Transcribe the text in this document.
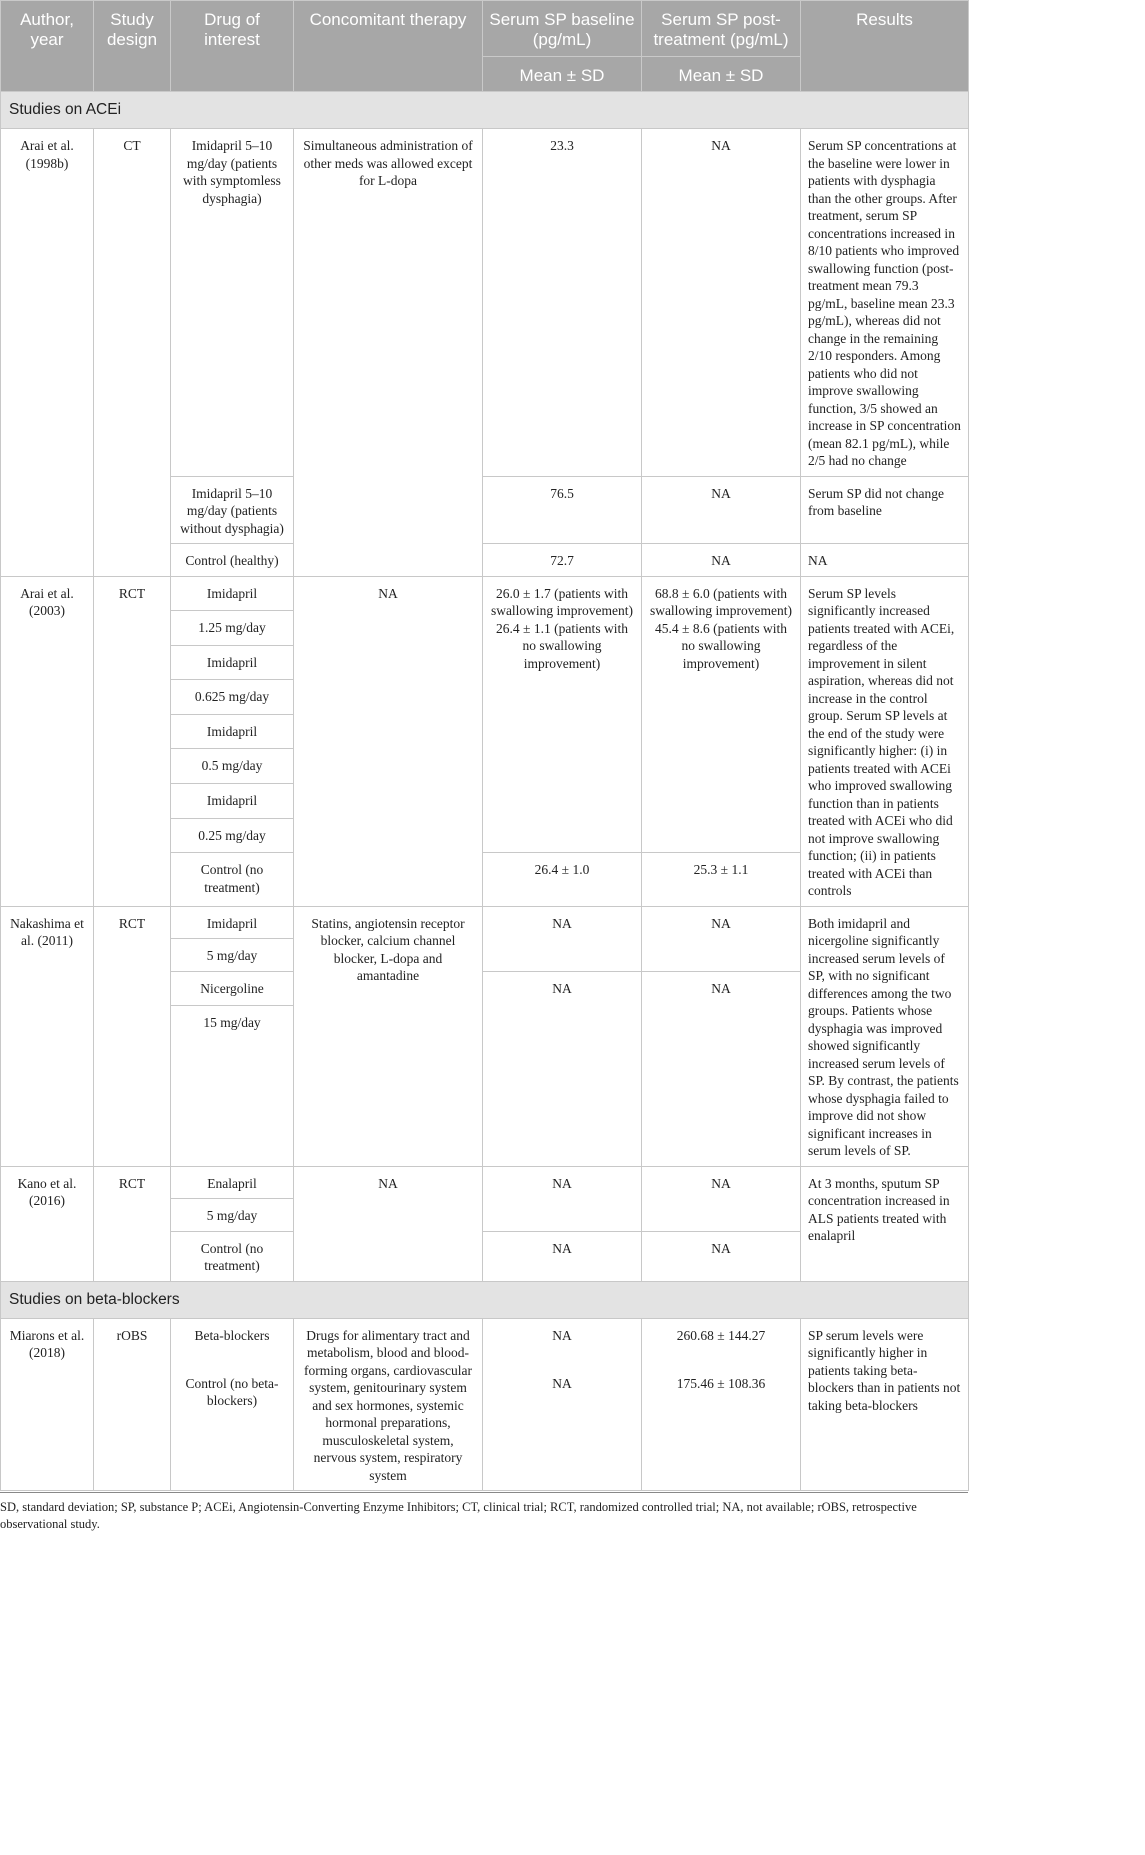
Author, year	Study design	Drug of interest	Concomitant therapy	Serum SP baseline (pg/mL)	Serum SP post-treatment (pg/mL)	Results
				Mean ± SD	Mean ± SD	
Studies on ACEi						
Arai et al. (1998b)	CT	Imidapril 5–10 mg/day (patients with symptomless dysphagia)	Simultaneous administration of other meds was allowed except for L-dopa	23.3	NA	Serum SP concentrations at the baseline were lower in patients with dysphagia than the other groups. After treatment, serum SP concentrations increased in 8/10 patients who improved swallowing function (post-treatment mean 79.3 pg/mL, baseline mean 23.3 pg/mL), whereas did not change in the remaining 2/10 responders. Among patients who did not improve swallowing function, 3/5 showed an increase in SP concentration (mean 82.1 pg/mL), while 2/5 had no change
		Imidapril 5–10 mg/day (patients without dysphagia)		76.5	NA	Serum SP did not change from baseline
		Control (healthy)		72.7	NA	NA
Arai et al. (2003)	RCT	Imidapril	NA	26.0 ± 1.7 (patients with swallowing improvement) 26.4 ± 1.1 (patients with no swallowing improvement)	68.8 ± 6.0 (patients with swallowing improvement) 45.4 ± 8.6 (patients with no swallowing improvement)	Serum SP levels significantly increased patients treated with ACEi, regardless of the improvement in silent aspiration, whereas did not increase in the control group. Serum SP levels at the end of the study were significantly higher: (i) in patients treated with ACEi who improved swallowing function than in patients treated with ACEi who did not improve swallowing function; (ii) in patients treated with ACEi than controls
		1.25 mg/day				
		Imidapril				
		0.625 mg/day				
		Imidapril				
		0.5 mg/day				
		Imidapril				
		0.25 mg/day				
		Control (no treatment)		26.4 ± 1.0	25.3 ± 1.1	
Nakashima et al. (2011)	RCT	Imidapril	Statins, angiotensin receptor blocker, calcium channel blocker, L-dopa and amantadine	NA	NA	Both imidapril and nicergoline significantly increased serum levels of SP, with no significant differences among the two groups. Patients whose dysphagia was improved showed significantly increased serum levels of SP. By contrast, the patients whose dysphagia failed to improve did not show significant increases in serum levels of SP.
		5 mg/day				
		Nicergoline		NA	NA	
		15 mg/day				
Kano et al. (2016)	RCT	Enalapril	NA	NA	NA	At 3 months, sputum SP concentration increased in ALS patients treated with enalapril
		5 mg/day				
		Control (no treatment)		NA	NA	
Studies on beta-blockers						
Miarons et al. (2018)	rOBS	Beta-blockers	Drugs for alimentary tract and metabolism, blood and blood-forming organs, cardiovascular system, genitourinary system and sex hormones, systemic hormonal preparations, musculoskeletal system, nervous system, respiratory system	NA	260.68 ± 144.27	SP serum levels were significantly higher in patients taking beta-blockers than in patients not taking beta-blockers
		Control (no beta-blockers)		NA	175.46 ± 108.36	
SD, standard deviation; SP, substance P; ACEi, Angiotensin-Converting Enzyme Inhibitors; CT, clinical trial; RCT, randomized controlled trial; NA, not available; rOBS, retrospective observational study.
